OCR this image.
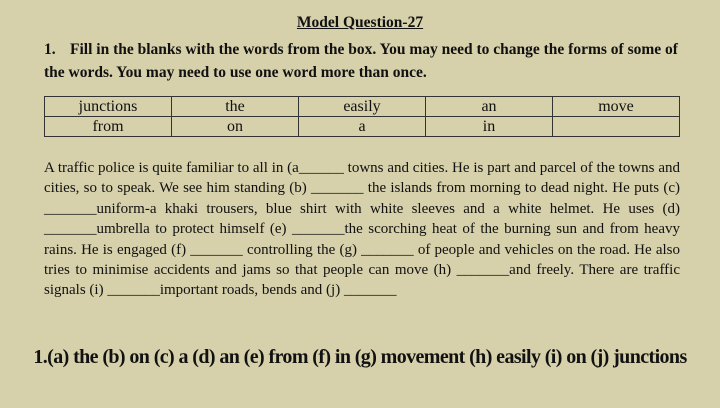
Model Question-27
1. Fill in the blanks with the words from the box. You may need to change the forms of some of the words. You may need to use one word more than once.
junctions	the	easily	an	move
from	on	a	in	
A traffic police is quite familiar to all in (a______ towns and cities. He is part and parcel of the towns and cities, so to speak. We see him standing (b) _______ the islands from morning to dead night. He puts (c) _______uniform-a khaki trousers, blue shirt with white sleeves and a white helmet. He uses (d) _______umbrella to protect himself (e) _______the scorching heat of the burning sun and from heavy rains. He is engaged (f) _______ controlling the (g) _______ of people and vehicles on the road. He also tries to minimise accidents and jams so that people can move (h) _______and freely. There are traffic signals (i) _______important roads, bends and (j) _______
1.(a) the (b) on (c) a (d) an (e) from (f) in (g) movement (h) easily (i) on (j) junctions
